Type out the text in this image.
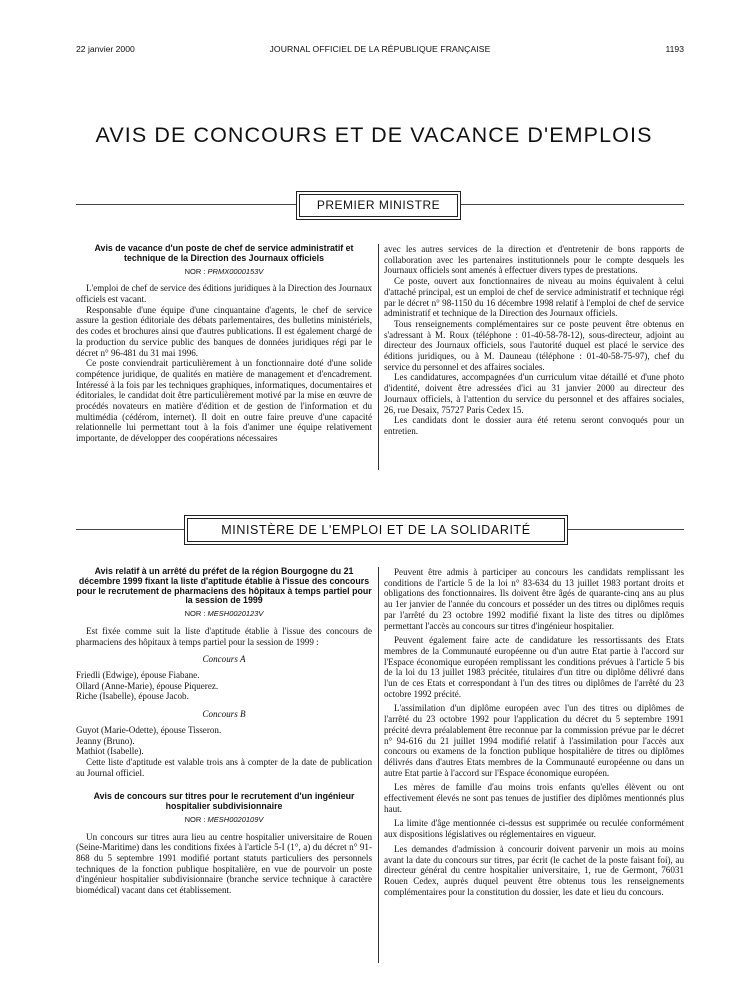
22 janvier 2000	JOURNAL OFFICIEL DE LA RÉPUBLIQUE FRANÇAISE	1193
AVIS DE CONCOURS ET DE VACANCE D'EMPLOIS
PREMIER MINISTRE

Avis de vacance d'un poste de chef de service administratif et technique de la Direction des Journaux officiels

NOR : PRMX0000153V

L'emploi de chef de service des éditions juridiques à la Direction des Journaux officiels est vacant.

Responsable d'une équipe d'une cinquantaine d'agents, le chef de service assure la gestion éditoriale des débats parlementaires, des bulletins ministériels, des codes et brochures ainsi que d'autres publications. Il est également chargé de la production du service public des banques de données juridiques régi par le décret n° 96-481 du 31 mai 1996.

Ce poste conviendrait particulièrement à un fonctionnaire doté d'une solide compétence juridique, de qualités en matière de management et d'encadrement. Intéressé à la fois par les techniques graphiques, informatiques, documentaires et éditoriales, le candidat doit être particulièrement motivé par la mise en œuvre de procédés novateurs en matière d'édition et de gestion de l'information et du multimédia (cédérom, internet). Il doit en outre faire preuve d'une capacité relationnelle lui permettant tout à la fois d'animer une équipe relativement importante, de développer des coopérations nécessaires

avec les autres services de la direction et d'entretenir de bons rapports de collaboration avec les partenaires institutionnels pour le compte desquels les Journaux officiels sont amenés à effectuer divers types de prestations.

Ce poste, ouvert aux fonctionnaires de niveau au moins équivalent à celui d'attaché principal, est un emploi de chef de service administratif et technique régi par le décret n° 98-1150 du 16 décembre 1998 relatif à l'emploi de chef de service administratif et technique de la Direction des Journaux officiels.

Tous renseignements complémentaires sur ce poste peuvent être obtenus en s'adressant à M. Roux (téléphone : 01-40-58-78-12), sous-directeur, adjoint au directeur des Journaux officiels, sous l'autorité duquel est placé le service des éditions juridiques, ou à M. Dauneau (téléphone : 01-40-58-75-97), chef du service du personnel et des affaires sociales.

Les candidatures, accompagnées d'un curriculum vitae détaillé et d'une photo d'identité, doivent être adressées d'ici au 31 janvier 2000 au directeur des Journaux officiels, à l'attention du service du personnel et des affaires sociales, 26, rue Desaix, 75727 Paris Cedex 15.

Les candidats dont le dossier aura été retenu seront convoqués pour un entretien.

MINISTÈRE DE L'EMPLOI ET DE LA SOLIDARITÉ

Avis relatif à un arrêté du préfet de la région Bourgogne du 21 décembre 1999 fixant la liste d'aptitude établie à l'issue des concours pour le recrutement de pharmaciens des hôpitaux à temps partiel pour la session de 1999

NOR : MESH0020123V

Est fixée comme suit la liste d'aptitude établie à l'issue des concours de pharmaciens des hôpitaux à temps partiel pour la session de 1999 :

Concours A

Friedli (Edwige), épouse Fiabane.

Ollard (Anne-Marie), épouse Piquerez.

Riche (Isabelle), épouse Jacob.

Concours B

Guyot (Marie-Odette), épouse Tisseron.

Jeanny (Bruno).

Mathiot (Isabelle).

Cette liste d'aptitude est valable trois ans à compter de la date de publication au Journal officiel.

Avis de concours sur titres pour le recrutement d'un ingénieur hospitalier subdivisionnaire

NOR : MESH0020109V

Un concours sur titres aura lieu au centre hospitalier universitaire de Rouen (Seine-Maritime) dans les conditions fixées à l'article 5-I (1°, a) du décret n° 91-868 du 5 septembre 1991 modifié portant statuts particuliers des personnels techniques de la fonction publique hospitalière, en vue de pourvoir un poste d'ingénieur hospitalier subdivisionnaire (branche service technique à caractère biomédical) vacant dans cet établissement.

Peuvent être admis à participer au concours les candidats remplissant les conditions de l'article 5 de la loi n° 83-634 du 13 juillet 1983 portant droits et obligations des fonctionnaires. Ils doivent être âgés de quarante-cinq ans au plus au 1er janvier de l'année du concours et posséder un des titres ou diplômes requis par l'arrêté du 23 octobre 1992 modifié fixant la liste des titres ou diplômes permettant l'accès au concours sur titres d'ingénieur hospitalier.

Peuvent également faire acte de candidature les ressortissants des Etats membres de la Communauté européenne ou d'un autre Etat partie à l'accord sur l'Espace économique européen remplissant les conditions prévues à l'article 5 bis de la loi du 13 juillet 1983 précitée, titulaires d'un titre ou diplôme délivré dans l'un de ces Etats et correspondant à l'un des titres ou diplômes de l'arrêté du 23 octobre 1992 précité.

L'assimilation d'un diplôme européen avec l'un des titres ou diplômes de l'arrêté du 23 octobre 1992 pour l'application du décret du 5 septembre 1991 précité devra préalablement être reconnue par la commission prévue par le décret n° 94-616 du 21 juillet 1994 modifié relatif à l'assimilation pour l'accès aux concours ou examens de la fonction publique hospitalière de titres ou diplômes délivrés dans d'autres Etats membres de la Communauté européenne ou dans un autre Etat partie à l'accord sur l'Espace économique européen.

Les mères de famille d'au moins trois enfants qu'elles élèvent ou ont effectivement élevés ne sont pas tenues de justifier des diplômes mentionnés plus haut.

La limite d'âge mentionnée ci-dessus est supprimée ou reculée conformément aux dispositions législatives ou réglementaires en vigueur.

Les demandes d'admission à concourir doivent parvenir un mois au moins avant la date du concours sur titres, par écrit (le cachet de la poste faisant foi), au directeur général du centre hospitalier universitaire, 1, rue de Germont, 76031 Rouen Cedex, auprès duquel peuvent être obtenus tous les renseignements complémentaires pour la constitution du dossier, les date et lieu du concours.
